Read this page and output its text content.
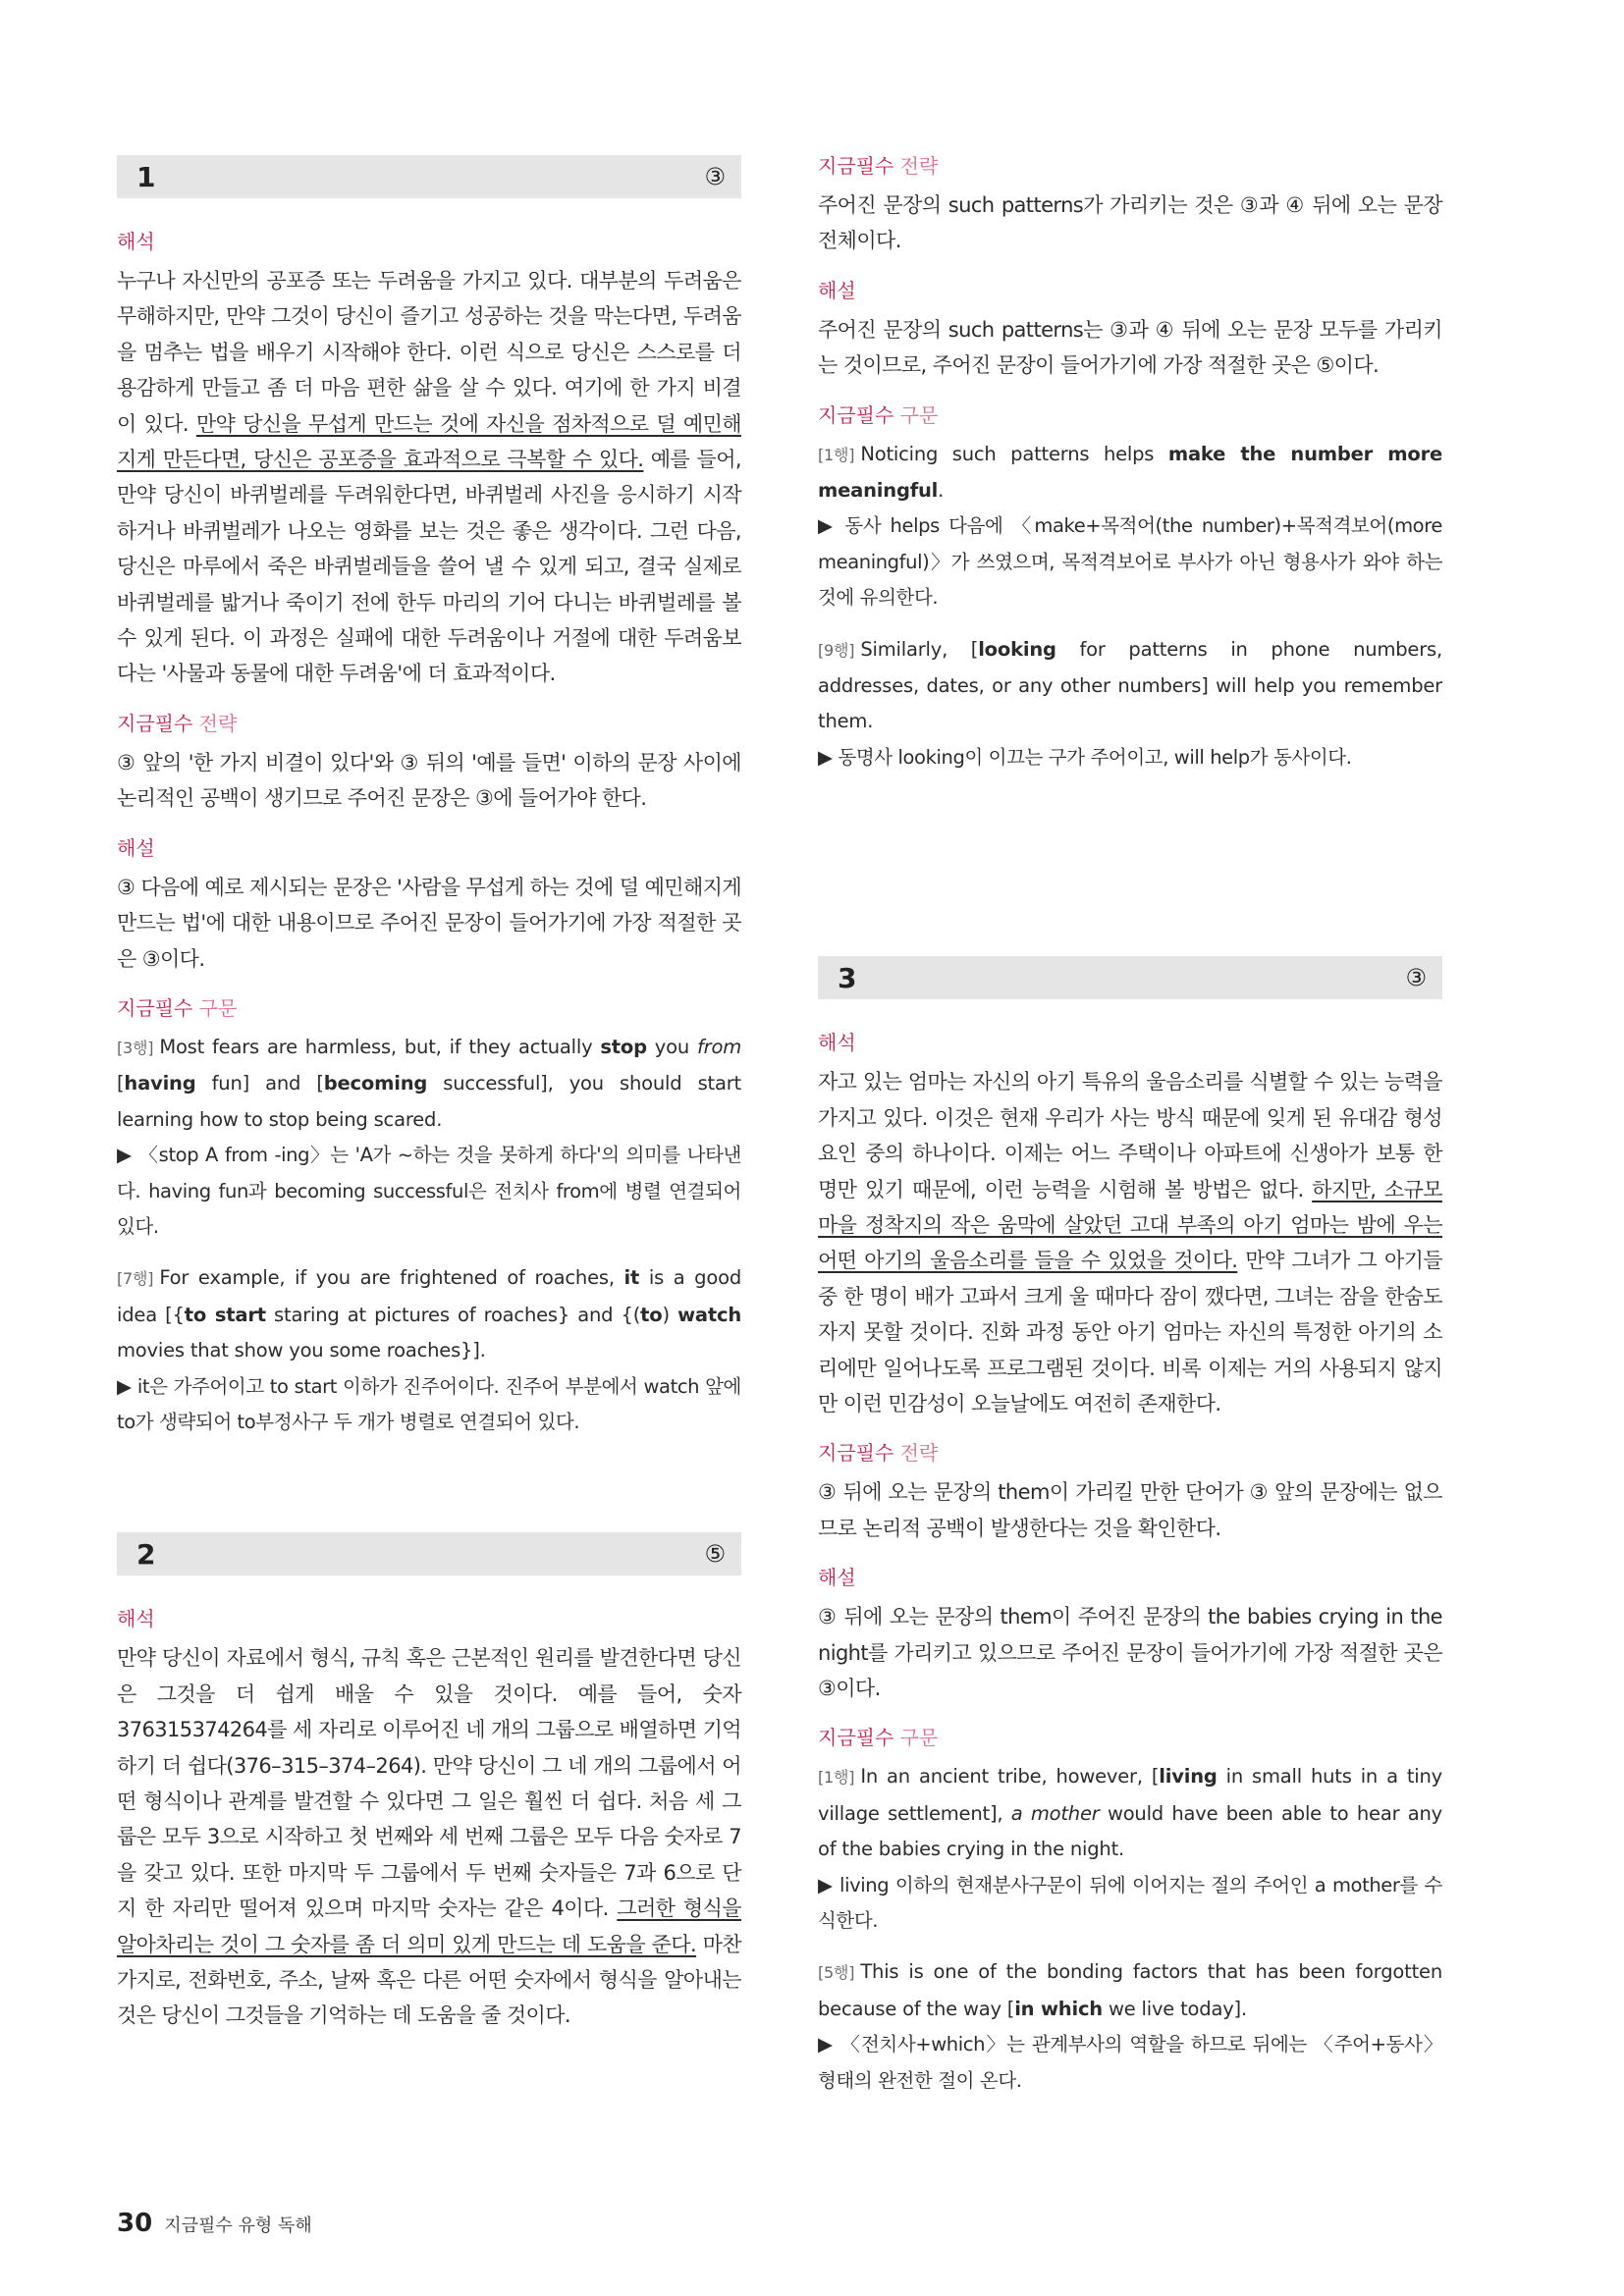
1	③
해석

누구나 자신만의 공포증 또는 두려움을 가지고 있다. 대부분의 두려움은 무해하지만, 만약 그것이 당신이 즐기고 성공하는 것을 막는다면, 두려움을 멈추는 법을 배우기 시작해야 한다. 이런 식으로 당신은 스스로를 더 용감하게 만들고 좀 더 마음 편한 삶을 살 수 있다. 여기에 한 가지 비결이 있다. 만약 당신을 무섭게 만드는 것에 자신을 점차적으로 덜 예민해지게 만든다면, 당신은 공포증을 효과적으로 극복할 수 있다. 예를 들어, 만약 당신이 바퀴벌레를 두려워한다면, 바퀴벌레 사진을 응시하기 시작하거나 바퀴벌레가 나오는 영화를 보는 것은 좋은 생각이다. 그런 다음, 당신은 마루에서 죽은 바퀴벌레들을 쓸어 낼 수 있게 되고, 결국 실제로 바퀴벌레를 밟거나 죽이기 전에 한두 마리의 기어 다니는 바퀴벌레를 볼 수 있게 된다. 이 과정은 실패에 대한 두려움이나 거절에 대한 두려움보다는 '사물과 동물에 대한 두려움'에 더 효과적이다.

지금필수 전략

③ 앞의 '한 가지 비결이 있다'와 ③ 뒤의 '예를 들면' 이하의 문장 사이에 논리적인 공백이 생기므로 주어진 문장은 ③에 들어가야 한다.

해설

③ 다음에 예로 제시되는 문장은 '사람을 무섭게 하는 것에 덜 예민해지게 만드는 법'에 대한 내용이므로 주어진 문장이 들어가기에 가장 적절한 곳은 ③이다.

지금필수 구문

[3행] Most fears are harmless, but, if they actually stop you from [having fun] and [becoming successful], you should start learning how to stop being scared.

▶ 〈stop A from -ing〉는 'A가 ~하는 것을 못하게 하다'의 의미를 나타낸다. having fun과 becoming successful은 전치사 from에 병렬 연결되어 있다.

[7행] For example, if you are frightened of roaches, it is a good idea [{to start staring at pictures of roaches} and {(to) watch movies that show you some roaches}].

▶ it은 가주어이고 to start 이하가 진주어이다. 진주어 부분에서 watch 앞에 to가 생략되어 to부정사구 두 개가 병렬로 연결되어 있다.

2	⑤
해석

만약 당신이 자료에서 형식, 규칙 혹은 근본적인 원리를 발견한다면 당신은 그것을 더 쉽게 배울 수 있을 것이다. 예를 들어, 숫자 376315374264를 세 자리로 이루어진 네 개의 그룹으로 배열하면 기억하기 더 쉽다(376–315–374–264). 만약 당신이 그 네 개의 그룹에서 어떤 형식이나 관계를 발견할 수 있다면 그 일은 훨씬 더 쉽다. 처음 세 그룹은 모두 3으로 시작하고 첫 번째와 세 번째 그룹은 모두 다음 숫자로 7을 갖고 있다. 또한 마지막 두 그룹에서 두 번째 숫자들은 7과 6으로 단지 한 자리만 떨어져 있으며 마지막 숫자는 같은 4이다. 그러한 형식을 알아차리는 것이 그 숫자를 좀 더 의미 있게 만드는 데 도움을 준다. 마찬가지로, 전화번호, 주소, 날짜 혹은 다른 어떤 숫자에서 형식을 알아내는 것은 당신이 그것들을 기억하는 데 도움을 줄 것이다.

지금필수 전략

주어진 문장의 such patterns가 가리키는 것은 ③과 ④ 뒤에 오는 문장 전체이다.

해설

주어진 문장의 such patterns는 ③과 ④ 뒤에 오는 문장 모두를 가리키는 것이므로, 주어진 문장이 들어가기에 가장 적절한 곳은 ⑤이다.

지금필수 구문

[1행] Noticing such patterns helps make the number more meaningful.

▶ 동사 helps 다음에 〈make+목적어(the number)+목적격보어(more meaningful)〉가 쓰였으며, 목적격보어로 부사가 아닌 형용사가 와야 하는 것에 유의한다.

[9행] Similarly, [looking for patterns in phone numbers, addresses, dates, or any other numbers] will help you remember them.

▶ 동명사 looking이 이끄는 구가 주어이고, will help가 동사이다.

3	③
해석

자고 있는 엄마는 자신의 아기 특유의 울음소리를 식별할 수 있는 능력을 가지고 있다. 이것은 현재 우리가 사는 방식 때문에 잊게 된 유대감 형성 요인 중의 하나이다. 이제는 어느 주택이나 아파트에 신생아가 보통 한 명만 있기 때문에, 이런 능력을 시험해 볼 방법은 없다. 하지만, 소규모 마을 정착지의 작은 움막에 살았던 고대 부족의 아기 엄마는 밤에 우는 어떤 아기의 울음소리를 들을 수 있었을 것이다. 만약 그녀가 그 아기들 중 한 명이 배가 고파서 크게 울 때마다 잠이 깼다면, 그녀는 잠을 한숨도 자지 못할 것이다. 진화 과정 동안 아기 엄마는 자신의 특정한 아기의 소리에만 일어나도록 프로그램된 것이다. 비록 이제는 거의 사용되지 않지만 이런 민감성이 오늘날에도 여전히 존재한다.

지금필수 전략

③ 뒤에 오는 문장의 them이 가리킬 만한 단어가 ③ 앞의 문장에는 없으므로 논리적 공백이 발생한다는 것을 확인한다.

해설

③ 뒤에 오는 문장의 them이 주어진 문장의 the babies crying in the night를 가리키고 있으므로 주어진 문장이 들어가기에 가장 적절한 곳은 ③이다.

지금필수 구문

[1행] In an ancient tribe, however, [living in small huts in a tiny village settlement], a mother would have been able to hear any of the babies crying in the night.

▶ living 이하의 현재분사구문이 뒤에 이어지는 절의 주어인 a mother를 수식한다.

[5행] This is one of the bonding factors that has been forgotten because of the way [in which we live today].

▶ 〈전치사+which〉는 관계부사의 역할을 하므로 뒤에는 〈주어+동사〉 형태의 완전한 절이 온다.

30 지금필수 유형 독해
